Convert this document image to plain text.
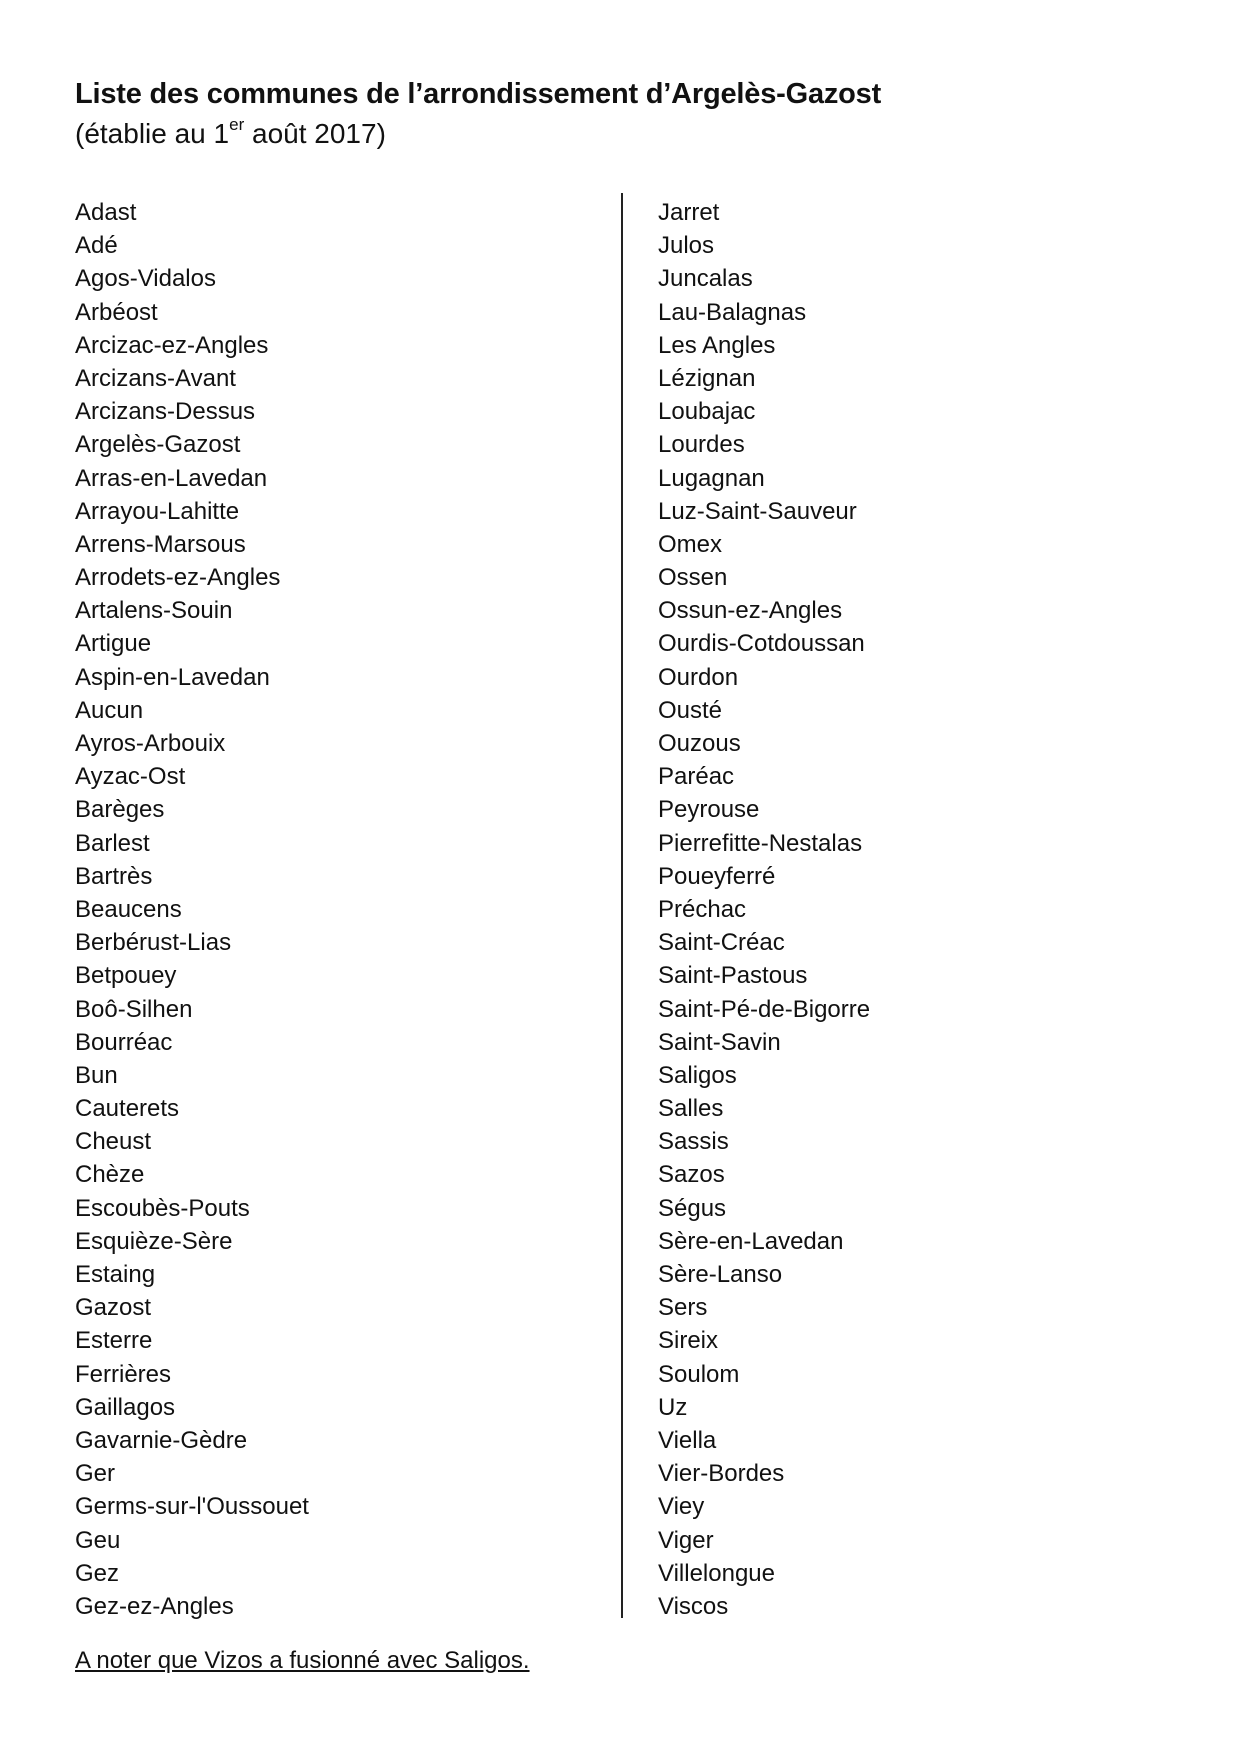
Liste des communes de l’arrondissement d’Argelès-Gazost

(établie au 1er août 2017)

Adast
Adé
Agos-Vidalos
Arbéost
Arcizac-ez-Angles
Arcizans-Avant
Arcizans-Dessus
Argelès-Gazost
Arras-en-Lavedan
Arrayou-Lahitte
Arrens-Marsous
Arrodets-ez-Angles
Artalens-Souin
Artigue
Aspin-en-Lavedan
Aucun
Ayros-Arbouix
Ayzac-Ost
Barèges
Barlest
Bartrès
Beaucens
Berbérust-Lias
Betpouey
Boô-Silhen
Bourréac
Bun
Cauterets
Cheust
Chèze
Escoubès-Pouts
Esquièze-Sère
Estaing
Gazost
Esterre
Ferrières
Gaillagos
Gavarnie-Gèdre
Ger
Germs-sur-l'Oussouet
Geu
Gez
Gez-ez-Angles
Jarret
Julos
Juncalas
Lau-Balagnas
Les Angles
Lézignan
Loubajac
Lourdes
Lugagnan
Luz-Saint-Sauveur
Omex
Ossen
Ossun-ez-Angles
Ourdis-Cotdoussan
Ourdon
Ousté
Ouzous
Paréac
Peyrouse
Pierrefitte-Nestalas
Poueyferré
Préchac
Saint-Créac
Saint-Pastous
Saint-Pé-de-Bigorre
Saint-Savin
Saligos
Salles
Sassis
Sazos
Ségus
Sère-en-Lavedan
Sère-Lanso
Sers
Sireix
Soulom
Uz
Viella
Vier-Bordes
Viey
Viger
Villelongue
Viscos

A noter que Vizos a fusionné avec Saligos.
